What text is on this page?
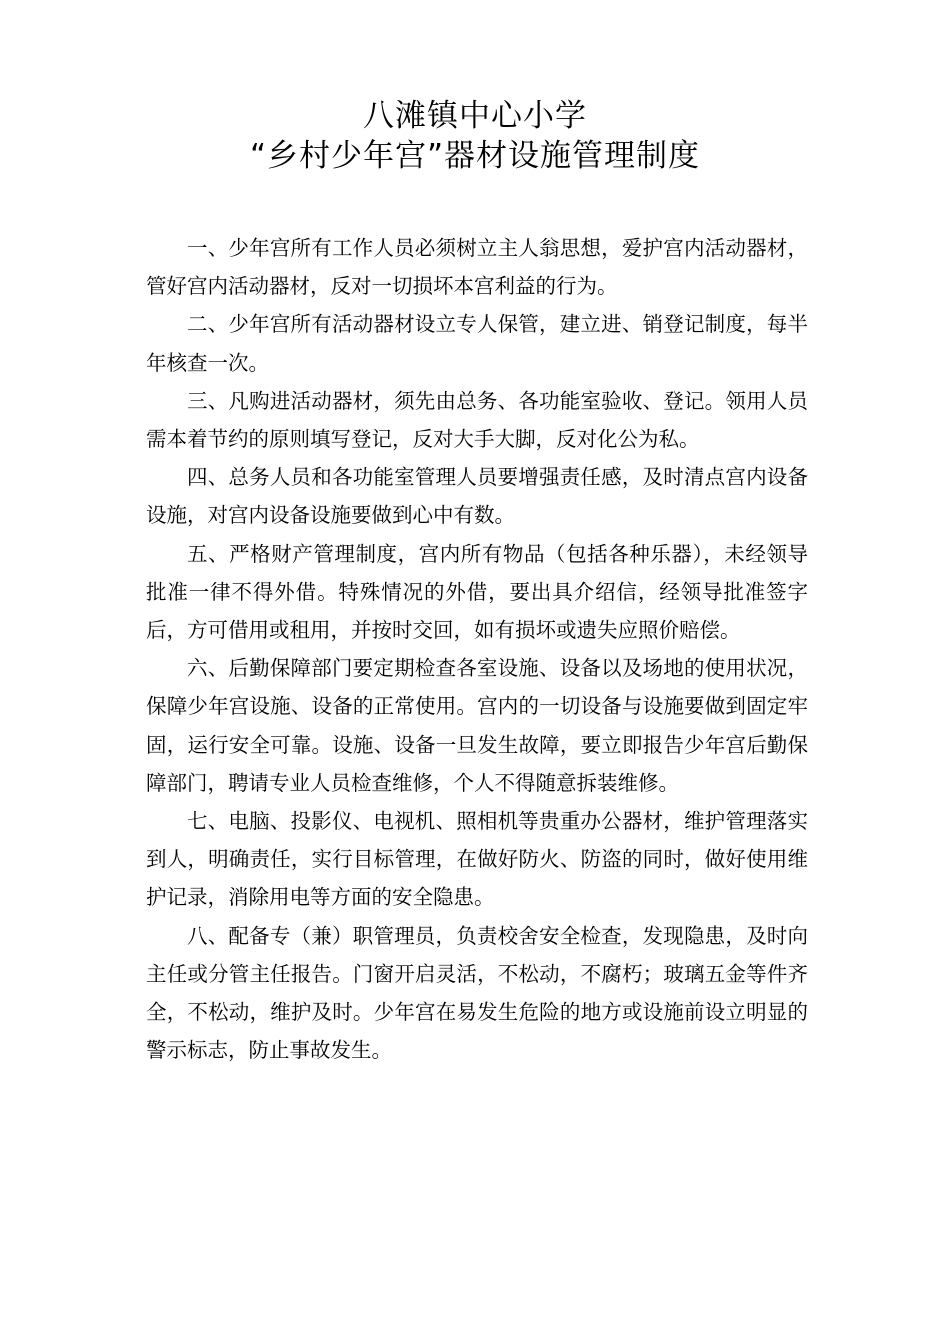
八滩镇中心小学
“乡村少年宫”器材设施管理制度

一、少年宫所有工作人员必须树立主人翁思想，爱护宫内活动器材，管好宫内活动器材，反对一切损坏本宫利益的行为。

二、少年宫所有活动器材设立专人保管，建立进、销登记制度，每半年核查一次。

三、凡购进活动器材，须先由总务、各功能室验收、登记。领用人员需本着节约的原则填写登记，反对大手大脚，反对化公为私。

四、总务人员和各功能室管理人员要增强责任感，及时清点宫内设备设施，对宫内设备设施要做到心中有数。

五、严格财产管理制度，宫内所有物品（包括各种乐器），未经领导批准一律不得外借。特殊情况的外借，要出具介绍信，经领导批准签字后，方可借用或租用，并按时交回，如有损坏或遗失应照价赔偿。

六、后勤保障部门要定期检查各室设施、设备以及场地的使用状况，保障少年宫设施、设备的正常使用。宫内的一切设备与设施要做到固定牢固，运行安全可靠。设施、设备一旦发生故障，要立即报告少年宫后勤保障部门，聘请专业人员检查维修，个人不得随意拆装维修。

七、电脑、投影仪、电视机、照相机等贵重办公器材，维护管理落实到人，明确责任，实行目标管理，在做好防火、防盗的同时，做好使用维护记录，消除用电等方面的安全隐患。

八、配备专（兼）职管理员，负责校舍安全检查，发现隐患，及时向主任或分管主任报告。门窗开启灵活，不松动，不腐朽；玻璃五金等件齐全，不松动，维护及时。少年宫在易发生危险的地方或设施前设立明显的警示标志，防止事故发生。
